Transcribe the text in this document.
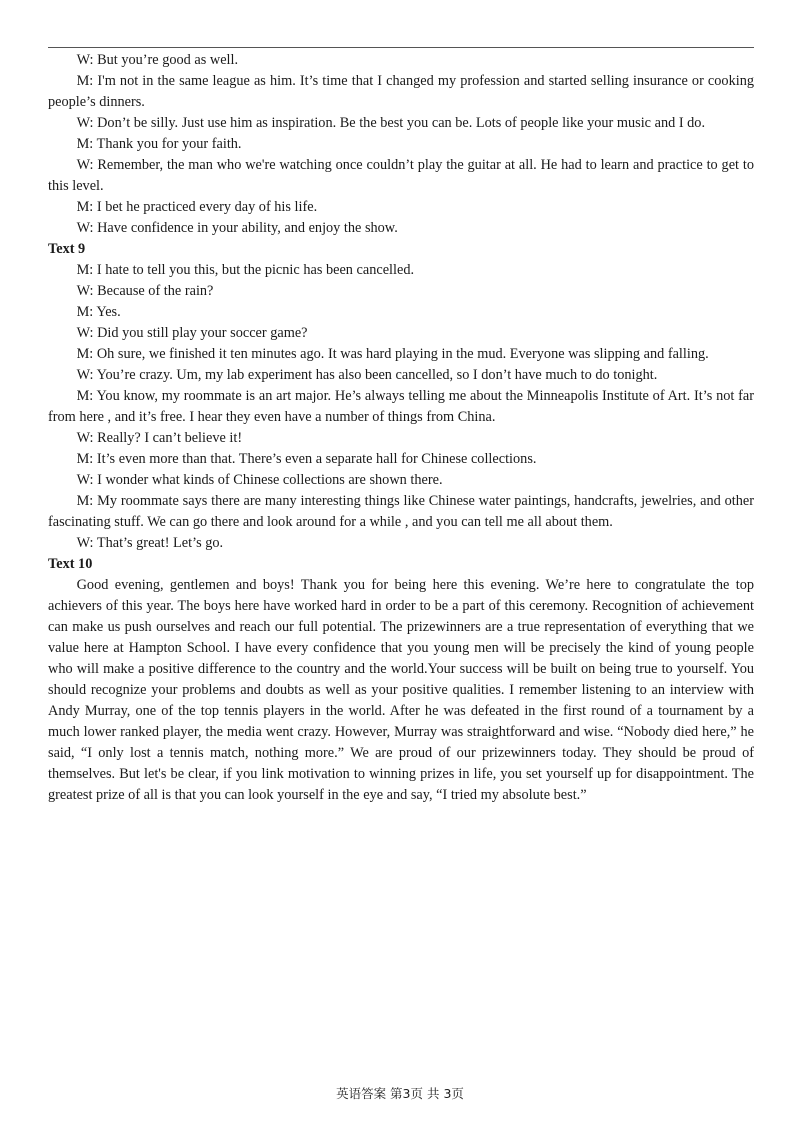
W: But you’re good as well.

M: I'm not in the same league as him. It’s time that I changed my profession and started selling insurance or cooking people’s dinners.

W: Don’t be silly. Just use him as inspiration. Be the best you can be. Lots of people like your music and I do.

M: Thank you for your faith.

W: Remember, the man who we're watching once couldn’t play the guitar at all. He had to learn and practice to get to this level.

M: I bet he practiced every day of his life.

W: Have confidence in your ability, and enjoy the show.

Text 9

M: I hate to tell you this, but the picnic has been cancelled.

W: Because of the rain?

M: Yes.

W: Did you still play your soccer game?

M: Oh sure, we finished it ten minutes ago. It was hard playing in the mud. Everyone was slipping and falling.

W: You’re crazy. Um, my lab experiment has also been cancelled, so I don’t have much to do tonight.

M: You know, my roommate is an art major. He’s always telling me about the Minneapolis Institute of Art. It’s not far from here , and it’s free. I hear they even have a number of things from China.

W: Really? I can’t believe it!

M: It’s even more than that. There’s even a separate hall for Chinese collections.

W: I wonder what kinds of Chinese collections are shown there.

M: My roommate says there are many interesting things like Chinese water paintings, handcrafts, jewelries, and other fascinating stuff. We can go there and look around for a while , and you can tell me all about them.

W: That’s great! Let’s go.

Text 10

Good evening, gentlemen and boys! Thank you for being here this evening. We’re here to congratulate the top achievers of this year. The boys here have worked hard in order to be a part of this ceremony. Recognition of achievement can make us push ourselves and reach our full potential. The prizewinners are a true representation of everything that we value here at Hampton School. I have every confidence that you young men will be precisely the kind of young people who will make a positive difference to the country and the world.Your success will be built on being true to yourself. You should recognize your problems and doubts as well as your positive qualities. I remember listening to an interview with Andy Murray, one of the top tennis players in the world. After he was defeated in the first round of a tournament by a much lower ranked player, the media went crazy. However, Murray was straightforward and wise. “Nobody died here,” he said, “I only lost a tennis match, nothing more.” We are proud of our prizewinners today. They should be proud of themselves. But let's be clear, if you link motivation to winning prizes in life, you set yourself up for disappointment. The greatest prize of all is that you can look yourself in the eye and say, “I tried my absolute best.”

英语答案 第3页 共 3页
